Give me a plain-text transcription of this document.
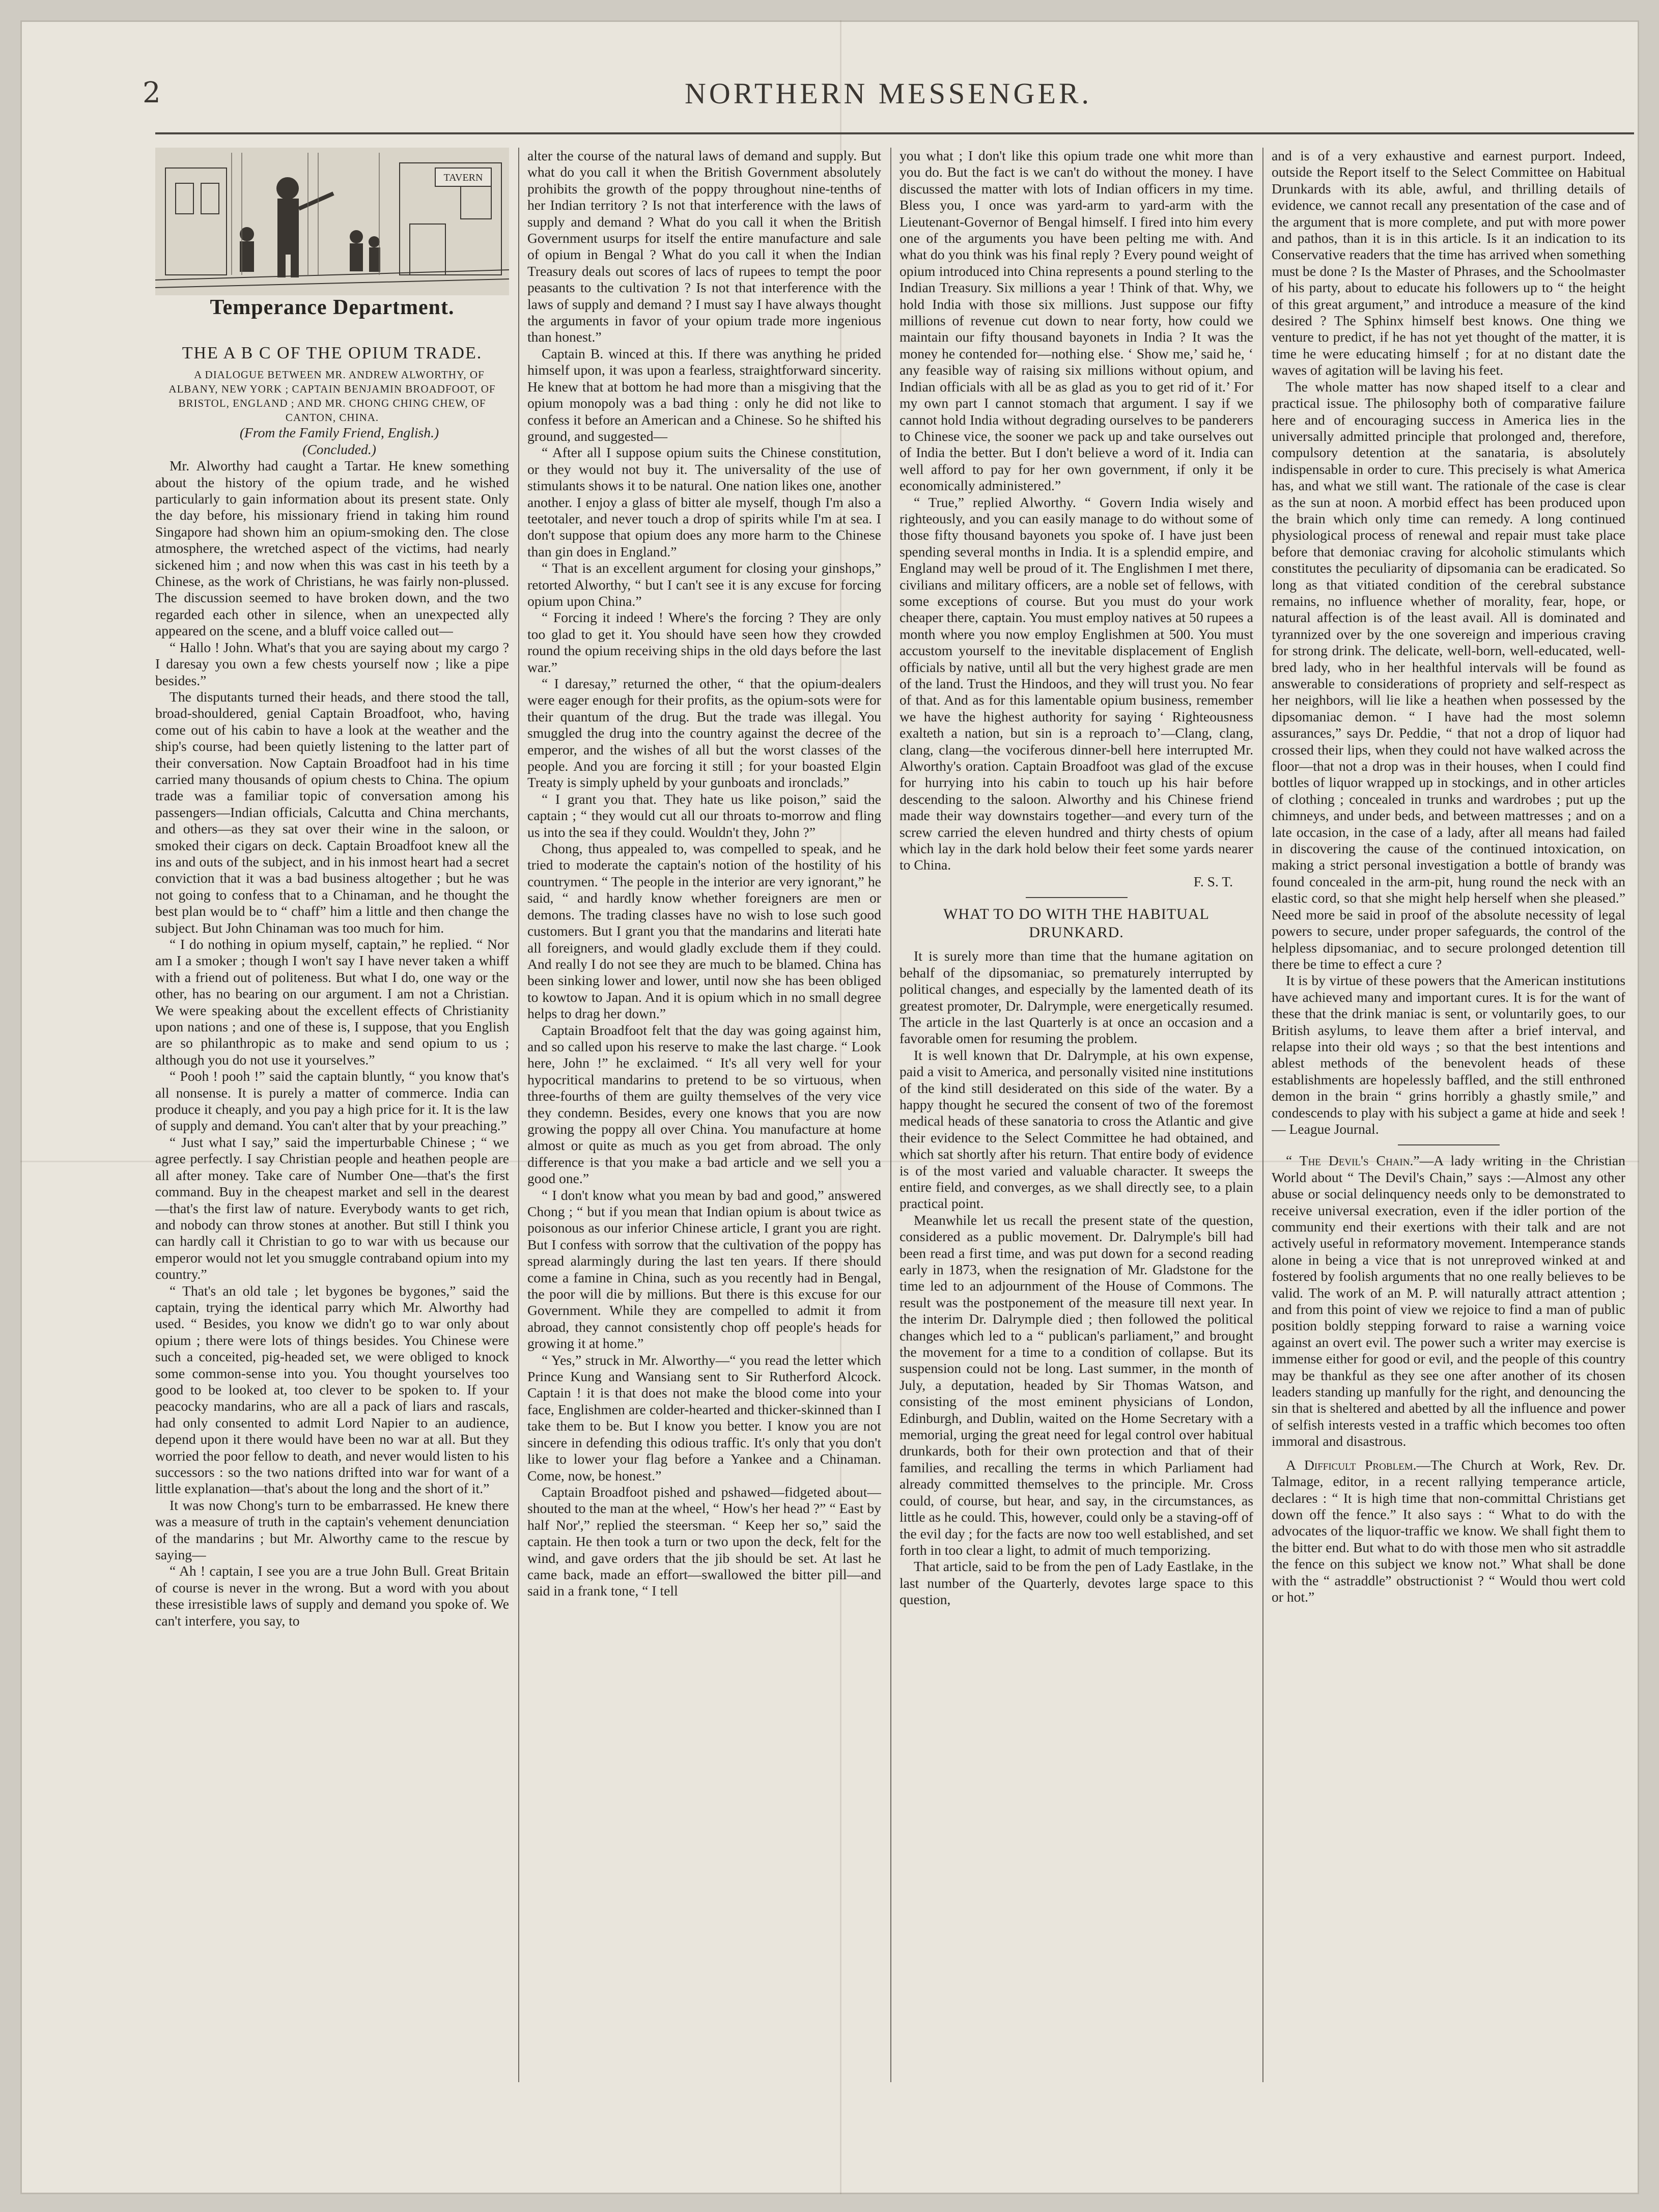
2	NORTHERN MESSENGER.
TAVERN
Temperance Department.
THE A B C OF THE OPIUM TRADE.

A DIALOGUE BETWEEN MR. ANDREW ALWORTHY, OF ALBANY, NEW YORK ; CAPTAIN BENJAMIN BROADFOOT, OF BRISTOL, ENGLAND ; AND MR. CHONG CHING CHEW, OF CANTON, CHINA.

(From the Family Friend, English.)

(Concluded.)

Mr. Alworthy had caught a Tartar. He knew something about the history of the opium trade, and he wished particularly to gain information about its present state. Only the day before, his missionary friend in taking him round Singapore had shown him an opium-smoking den. The close atmosphere, the wretched aspect of the victims, had nearly sickened him ; and now when this was cast in his teeth by a Chinese, as the work of Christians, he was fairly non-plussed. The discussion seemed to have broken down, and the two regarded each other in silence, when an unexpected ally appeared on the scene, and a bluff voice called out—

“ Hallo ! John. What's that you are saying about my cargo ? I daresay you own a few chests yourself now ; like a pipe besides.”

The disputants turned their heads, and there stood the tall, broad-shouldered, genial Captain Broadfoot, who, having come out of his cabin to have a look at the weather and the ship's course, had been quietly listening to the latter part of their conversation. Now Captain Broadfoot had in his time carried many thousands of opium chests to China. The opium trade was a familiar topic of conversation among his passengers—Indian officials, Calcutta and China merchants, and others—as they sat over their wine in the saloon, or smoked their cigars on deck. Captain Broadfoot knew all the ins and outs of the subject, and in his inmost heart had a secret conviction that it was a bad business altogether ; but he was not going to confess that to a Chinaman, and he thought the best plan would be to “ chaff” him a little and then change the subject. But John Chinaman was too much for him.

“ I do nothing in opium myself, captain,” he replied. “ Nor am I a smoker ; though I won't say I have never taken a whiff with a friend out of politeness. But what I do, one way or the other, has no bearing on our argument. I am not a Christian. We were speaking about the excellent effects of Christianity upon nations ; and one of these is, I suppose, that you English are so philanthropic as to make and send opium to us ; although you do not use it yourselves.”

“ Pooh ! pooh !” said the captain bluntly, “ you know that's all nonsense. It is purely a matter of commerce. India can produce it cheaply, and you pay a high price for it. It is the law of supply and demand. You can't alter that by your preaching.”

“ Just what I say,” said the imperturbable Chinese ; “ we agree perfectly. I say Christian people and heathen people are all after money. Take care of Number One—that's the first command. Buy in the cheapest market and sell in the dearest—that's the first law of nature. Everybody wants to get rich, and nobody can throw stones at another. But still I think you can hardly call it Christian to go to war with us because our emperor would not let you smuggle contraband opium into my country.”

“ That's an old tale ; let bygones be bygones,” said the captain, trying the identical parry which Mr. Alworthy had used. “ Besides, you know we didn't go to war only about opium ; there were lots of things besides. You Chinese were such a conceited, pig-headed set, we were obliged to knock some common-sense into you. You thought yourselves too good to be looked at, too clever to be spoken to. If your peacocky mandarins, who are all a pack of liars and rascals, had only consented to admit Lord Napier to an audience, depend upon it there would have been no war at all. But they worried the poor fellow to death, and never would listen to his successors : so the two nations drifted into war for want of a little explanation—that's about the long and the short of it.”

It was now Chong's turn to be embarrassed. He knew there was a measure of truth in the captain's vehement denunciation of the mandarins ; but Mr. Alworthy came to the rescue by saying—

“ Ah ! captain, I see you are a true John Bull. Great Britain of course is never in the wrong. But a word with you about these irresistible laws of supply and demand you spoke of. We can't interfere, you say, to

alter the course of the natural laws of demand and supply. But what do you call it when the British Government absolutely prohibits the growth of the poppy throughout nine-tenths of her Indian territory ? Is not that interference with the laws of supply and demand ? What do you call it when the British Government usurps for itself the entire manufacture and sale of opium in Bengal ? What do you call it when the Indian Treasury deals out scores of lacs of rupees to tempt the poor peasants to the cultivation ? Is not that interference with the laws of supply and demand ? I must say I have always thought the arguments in favor of your opium trade more ingenious than honest.”

Captain B. winced at this. If there was anything he prided himself upon, it was upon a fearless, straightforward sincerity. He knew that at bottom he had more than a misgiving that the opium monopoly was a bad thing : only he did not like to confess it before an American and a Chinese. So he shifted his ground, and suggested—

“ After all I suppose opium suits the Chinese constitution, or they would not buy it. The universality of the use of stimulants shows it to be natural. One nation likes one, another another. I enjoy a glass of bitter ale myself, though I'm also a teetotaler, and never touch a drop of spirits while I'm at sea. I don't suppose that opium does any more harm to the Chinese than gin does in England.”

“ That is an excellent argument for closing your ginshops,” retorted Alworthy, “ but I can't see it is any excuse for forcing opium upon China.”

“ Forcing it indeed ! Where's the forcing ? They are only too glad to get it. You should have seen how they crowded round the opium receiving ships in the old days before the last war.”

“ I daresay,” returned the other, “ that the opium-dealers were eager enough for their profits, as the opium-sots were for their quantum of the drug. But the trade was illegal. You smuggled the drug into the country against the decree of the emperor, and the wishes of all but the worst classes of the people. And you are forcing it still ; for your boasted Elgin Treaty is simply upheld by your gunboats and ironclads.”

“ I grant you that. They hate us like poison,” said the captain ; “ they would cut all our throats to-morrow and fling us into the sea if they could. Wouldn't they, John ?”

Chong, thus appealed to, was compelled to speak, and he tried to moderate the captain's notion of the hostility of his countrymen. “ The people in the interior are very ignorant,” he said, “ and hardly know whether foreigners are men or demons. The trading classes have no wish to lose such good customers. But I grant you that the mandarins and literati hate all foreigners, and would gladly exclude them if they could. And really I do not see they are much to be blamed. China has been sinking lower and lower, until now she has been obliged to kowtow to Japan. And it is opium which in no small degree helps to drag her down.”

Captain Broadfoot felt that the day was going against him, and so called upon his reserve to make the last charge. “ Look here, John !” he exclaimed. “ It's all very well for your hypocritical mandarins to pretend to be so virtuous, when three-fourths of them are guilty themselves of the very vice they condemn. Besides, every one knows that you are now growing the poppy all over China. You manufacture at home almost or quite as much as you get from abroad. The only difference is that you make a bad article and we sell you a good one.”

“ I don't know what you mean by bad and good,” answered Chong ; “ but if you mean that Indian opium is about twice as poisonous as our inferior Chinese article, I grant you are right. But I confess with sorrow that the cultivation of the poppy has spread alarmingly during the last ten years. If there should come a famine in China, such as you recently had in Bengal, the poor will die by millions. But there is this excuse for our Government. While they are compelled to admit it from abroad, they cannot consistently chop off people's heads for growing it at home.”

“ Yes,” struck in Mr. Alworthy—“ you read the letter which Prince Kung and Wansiang sent to Sir Rutherford Alcock. Captain ! it is that does not make the blood come into your face, Englishmen are colder-hearted and thicker-skinned than I take them to be. But I know you better. I know you are not sincere in defending this odious traffic. It's only that you don't like to lower your flag before a Yankee and a Chinaman. Come, now, be honest.”

Captain Broadfoot pished and pshawed—fidgeted about—shouted to the man at the wheel, “ How's her head ?” “ East by half Nor',” replied the steersman. “ Keep her so,” said the captain. He then took a turn or two upon the deck, felt for the wind, and gave orders that the jib should be set. At last he came back, made an effort—swallowed the bitter pill—and said in a frank tone, “ I tell

you what ; I don't like this opium trade one whit more than you do. But the fact is we can't do without the money. I have discussed the matter with lots of Indian officers in my time. Bless you, I once was yard-arm to yard-arm with the Lieutenant-Governor of Bengal himself. I fired into him every one of the arguments you have been pelting me with. And what do you think was his final reply ? Every pound weight of opium introduced into China represents a pound sterling to the Indian Treasury. Six millions a year ! Think of that. Why, we hold India with those six millions. Just suppose our fifty millions of revenue cut down to near forty, how could we maintain our fifty thousand bayonets in India ? It was the money he contended for—nothing else. ‘ Show me,’ said he, ‘ any feasible way of raising six millions without opium, and Indian officials with all be as glad as you to get rid of it.’ For my own part I cannot stomach that argument. I say if we cannot hold India without degrading ourselves to be panderers to Chinese vice, the sooner we pack up and take ourselves out of India the better. But I don't believe a word of it. India can well afford to pay for her own government, if only it be economically administered.”

“ True,” replied Alworthy. “ Govern India wisely and righteously, and you can easily manage to do without some of those fifty thousand bayonets you spoke of. I have just been spending several months in India. It is a splendid empire, and England may well be proud of it. The Englishmen I met there, civilians and military officers, are a noble set of fellows, with some exceptions of course. But you must do your work cheaper there, captain. You must employ natives at 50 rupees a month where you now employ Englishmen at 500. You must accustom yourself to the inevitable displacement of English officials by native, until all but the very highest grade are men of the land. Trust the Hindoos, and they will trust you. No fear of that. And as for this lamentable opium business, remember we have the highest authority for saying ‘ Righteousness exalteth a nation, but sin is a reproach to’—Clang, clang, clang, clang—the vociferous dinner-bell here interrupted Mr. Alworthy's oration. Captain Broadfoot was glad of the excuse for hurrying into his cabin to touch up his hair before descending to the saloon. Alworthy and his Chinese friend made their way downstairs together—and every turn of the screw carried the eleven hundred and thirty chests of opium which lay in the dark hold below their feet some yards nearer to China.

F. S. T.

WHAT TO DO WITH THE HABITUAL DRUNKARD.

It is surely more than time that the humane agitation on behalf of the dipsomaniac, so prematurely interrupted by political changes, and especially by the lamented death of its greatest promoter, Dr. Dalrymple, were energetically resumed. The article in the last Quarterly is at once an occasion and a favorable omen for resuming the problem.

It is well known that Dr. Dalrymple, at his own expense, paid a visit to America, and personally visited nine institutions of the kind still desiderated on this side of the water. By a happy thought he secured the consent of two of the foremost medical heads of these sanatoria to cross the Atlantic and give their evidence to the Select Committee he had obtained, and which sat shortly after his return. That entire body of evidence is of the most varied and valuable character. It sweeps the entire field, and converges, as we shall directly see, to a plain practical point.

Meanwhile let us recall the present state of the question, considered as a public movement. Dr. Dalrymple's bill had been read a first time, and was put down for a second reading early in 1873, when the resignation of Mr. Gladstone for the time led to an adjournment of the House of Commons. The result was the postponement of the measure till next year. In the interim Dr. Dalrymple died ; then followed the political changes which led to a “ publican's parliament,” and brought the movement for a time to a condition of collapse. But its suspension could not be long. Last summer, in the month of July, a deputation, headed by Sir Thomas Watson, and consisting of the most eminent physicians of London, Edinburgh, and Dublin, waited on the Home Secretary with a memorial, urging the great need for legal control over habitual drunkards, both for their own protection and that of their families, and recalling the terms in which Parliament had already committed themselves to the principle. Mr. Cross could, of course, but hear, and say, in the circumstances, as little as he could. This, however, could only be a staving-off of the evil day ; for the facts are now too well established, and set forth in too clear a light, to admit of much temporizing.

That article, said to be from the pen of Lady Eastlake, in the last number of the Quarterly, devotes large space to this question,

and is of a very exhaustive and earnest purport. Indeed, outside the Report itself to the Select Committee on Habitual Drunkards with its able, awful, and thrilling details of evidence, we cannot recall any presentation of the case and of the argument that is more complete, and put with more power and pathos, than it is in this article. Is it an indication to its Conservative readers that the time has arrived when something must be done ? Is the Master of Phrases, and the Schoolmaster of his party, about to educate his followers up to “ the height of this great argument,” and introduce a measure of the kind desired ? The Sphinx himself best knows. One thing we venture to predict, if he has not yet thought of the matter, it is time he were educating himself ; for at no distant date the waves of agitation will be laving his feet.

The whole matter has now shaped itself to a clear and practical issue. The philosophy both of comparative failure here and of encouraging success in America lies in the universally admitted principle that prolonged and, therefore, compulsory detention at the sanataria, is absolutely indispensable in order to cure. This precisely is what America has, and what we still want. The rationale of the case is clear as the sun at noon. A morbid effect has been produced upon the brain which only time can remedy. A long continued physiological process of renewal and repair must take place before that demoniac craving for alcoholic stimulants which constitutes the peculiarity of dipsomania can be eradicated. So long as that vitiated condition of the cerebral substance remains, no influence whether of morality, fear, hope, or natural affection is of the least avail. All is dominated and tyrannized over by the one sovereign and imperious craving for strong drink. The delicate, well-born, well-educated, well-bred lady, who in her healthful intervals will be found as answerable to considerations of propriety and self-respect as her neighbors, will lie like a heathen when possessed by the dipsomaniac demon. “ I have had the most solemn assurances,” says Dr. Peddie, “ that not a drop of liquor had crossed their lips, when they could not have walked across the floor—that not a drop was in their houses, when I could find bottles of liquor wrapped up in stockings, and in other articles of clothing ; concealed in trunks and wardrobes ; put up the chimneys, and under beds, and between mattresses ; and on a late occasion, in the case of a lady, after all means had failed in discovering the cause of the continued intoxication, on making a strict personal investigation a bottle of brandy was found concealed in the arm-pit, hung round the neck with an elastic cord, so that she might help herself when she pleased.” Need more be said in proof of the absolute necessity of legal powers to secure, under proper safeguards, the control of the helpless dipsomaniac, and to secure prolonged detention till there be time to effect a cure ?

It is by virtue of these powers that the American institutions have achieved many and important cures. It is for the want of these that the drink maniac is sent, or voluntarily goes, to our British asylums, to leave them after a brief interval, and relapse into their old ways ; so that the best intentions and ablest methods of the benevolent heads of these establishments are hopelessly baffled, and the still enthroned demon in the brain “ grins horribly a ghastly smile,” and condescends to play with his subject a game at hide and seek ! — League Journal.

“ The Devil's Chain.”—A lady writing in the Christian World about “ The Devil's Chain,” says :—Almost any other abuse or social delinquency needs only to be demonstrated to receive universal execration, even if the idler portion of the community end their exertions with their talk and are not actively useful in reformatory movement. Intemperance stands alone in being a vice that is not unreproved winked at and fostered by foolish arguments that no one really believes to be valid. The work of an M. P. will naturally attract attention ; and from this point of view we rejoice to find a man of public position boldly stepping forward to raise a warning voice against an overt evil. The power such a writer may exercise is immense either for good or evil, and the people of this country may be thankful as they see one after another of its chosen leaders standing up manfully for the right, and denouncing the sin that is sheltered and abetted by all the influence and power of selfish interests vested in a traffic which becomes too often immoral and disastrous.

A Difficult Problem.—The Church at Work, Rev. Dr. Talmage, editor, in a recent rallying temperance article, declares : “ It is high time that non-committal Christians get down off the fence.” It also says : “ What to do with the advocates of the liquor-traffic we know. We shall fight them to the bitter end. But what to do with those men who sit astraddle the fence on this subject we know not.” What shall be done with the “ astraddle” obstructionist ? “ Would thou wert cold or hot.”
